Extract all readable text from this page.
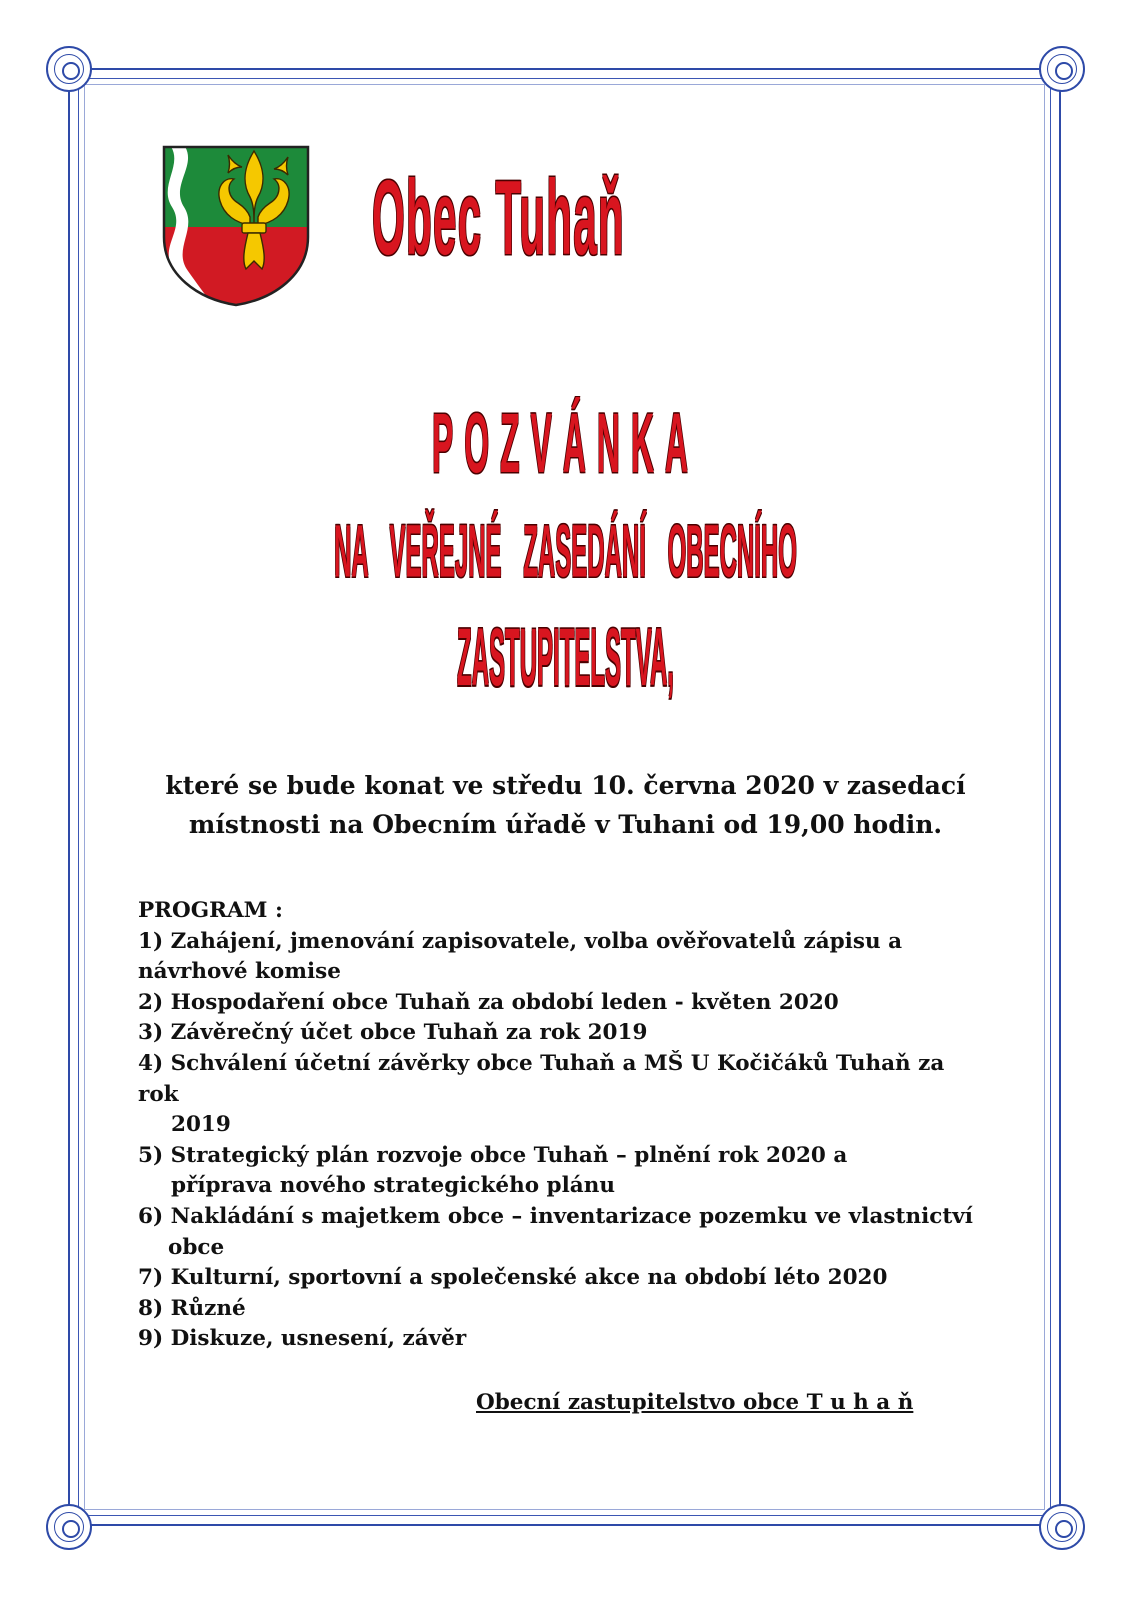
Obec Tuhaň
POZVÁNKA
NA VEŘEJNÉ ZASEDÁNÍ OBECNÍHO
ZASTUPITELSTVA,

které se bude konat ve středu 10. června 2020 v zasedací
místnosti na Obecním úřadě v Tuhani od 19,00 hodin.

PROGRAM :
1) Zahájení, jmenování zapisovatele, volba ověřovatelů zápisu a
návrhové komise
2) Hospodaření obce Tuhaň za období leden - květen 2020
3) Závěrečný účet obce Tuhaň za rok 2019
4) Schválení účetní závěrky obce Tuhaň a MŠ U Kočičáků Tuhaň za rok
2019
5) Strategický plán rozvoje obce Tuhaň – plnění rok 2020 a
příprava nového strategického plánu
6) Nakládání s majetkem obce – inventarizace pozemku ve vlastnictví
obce
7) Kulturní, sportovní a společenské akce na období léto 2020
8) Různé
9) Diskuze, usnesení, závěr

Obecní zastupitelstvo obce T u h a ň
